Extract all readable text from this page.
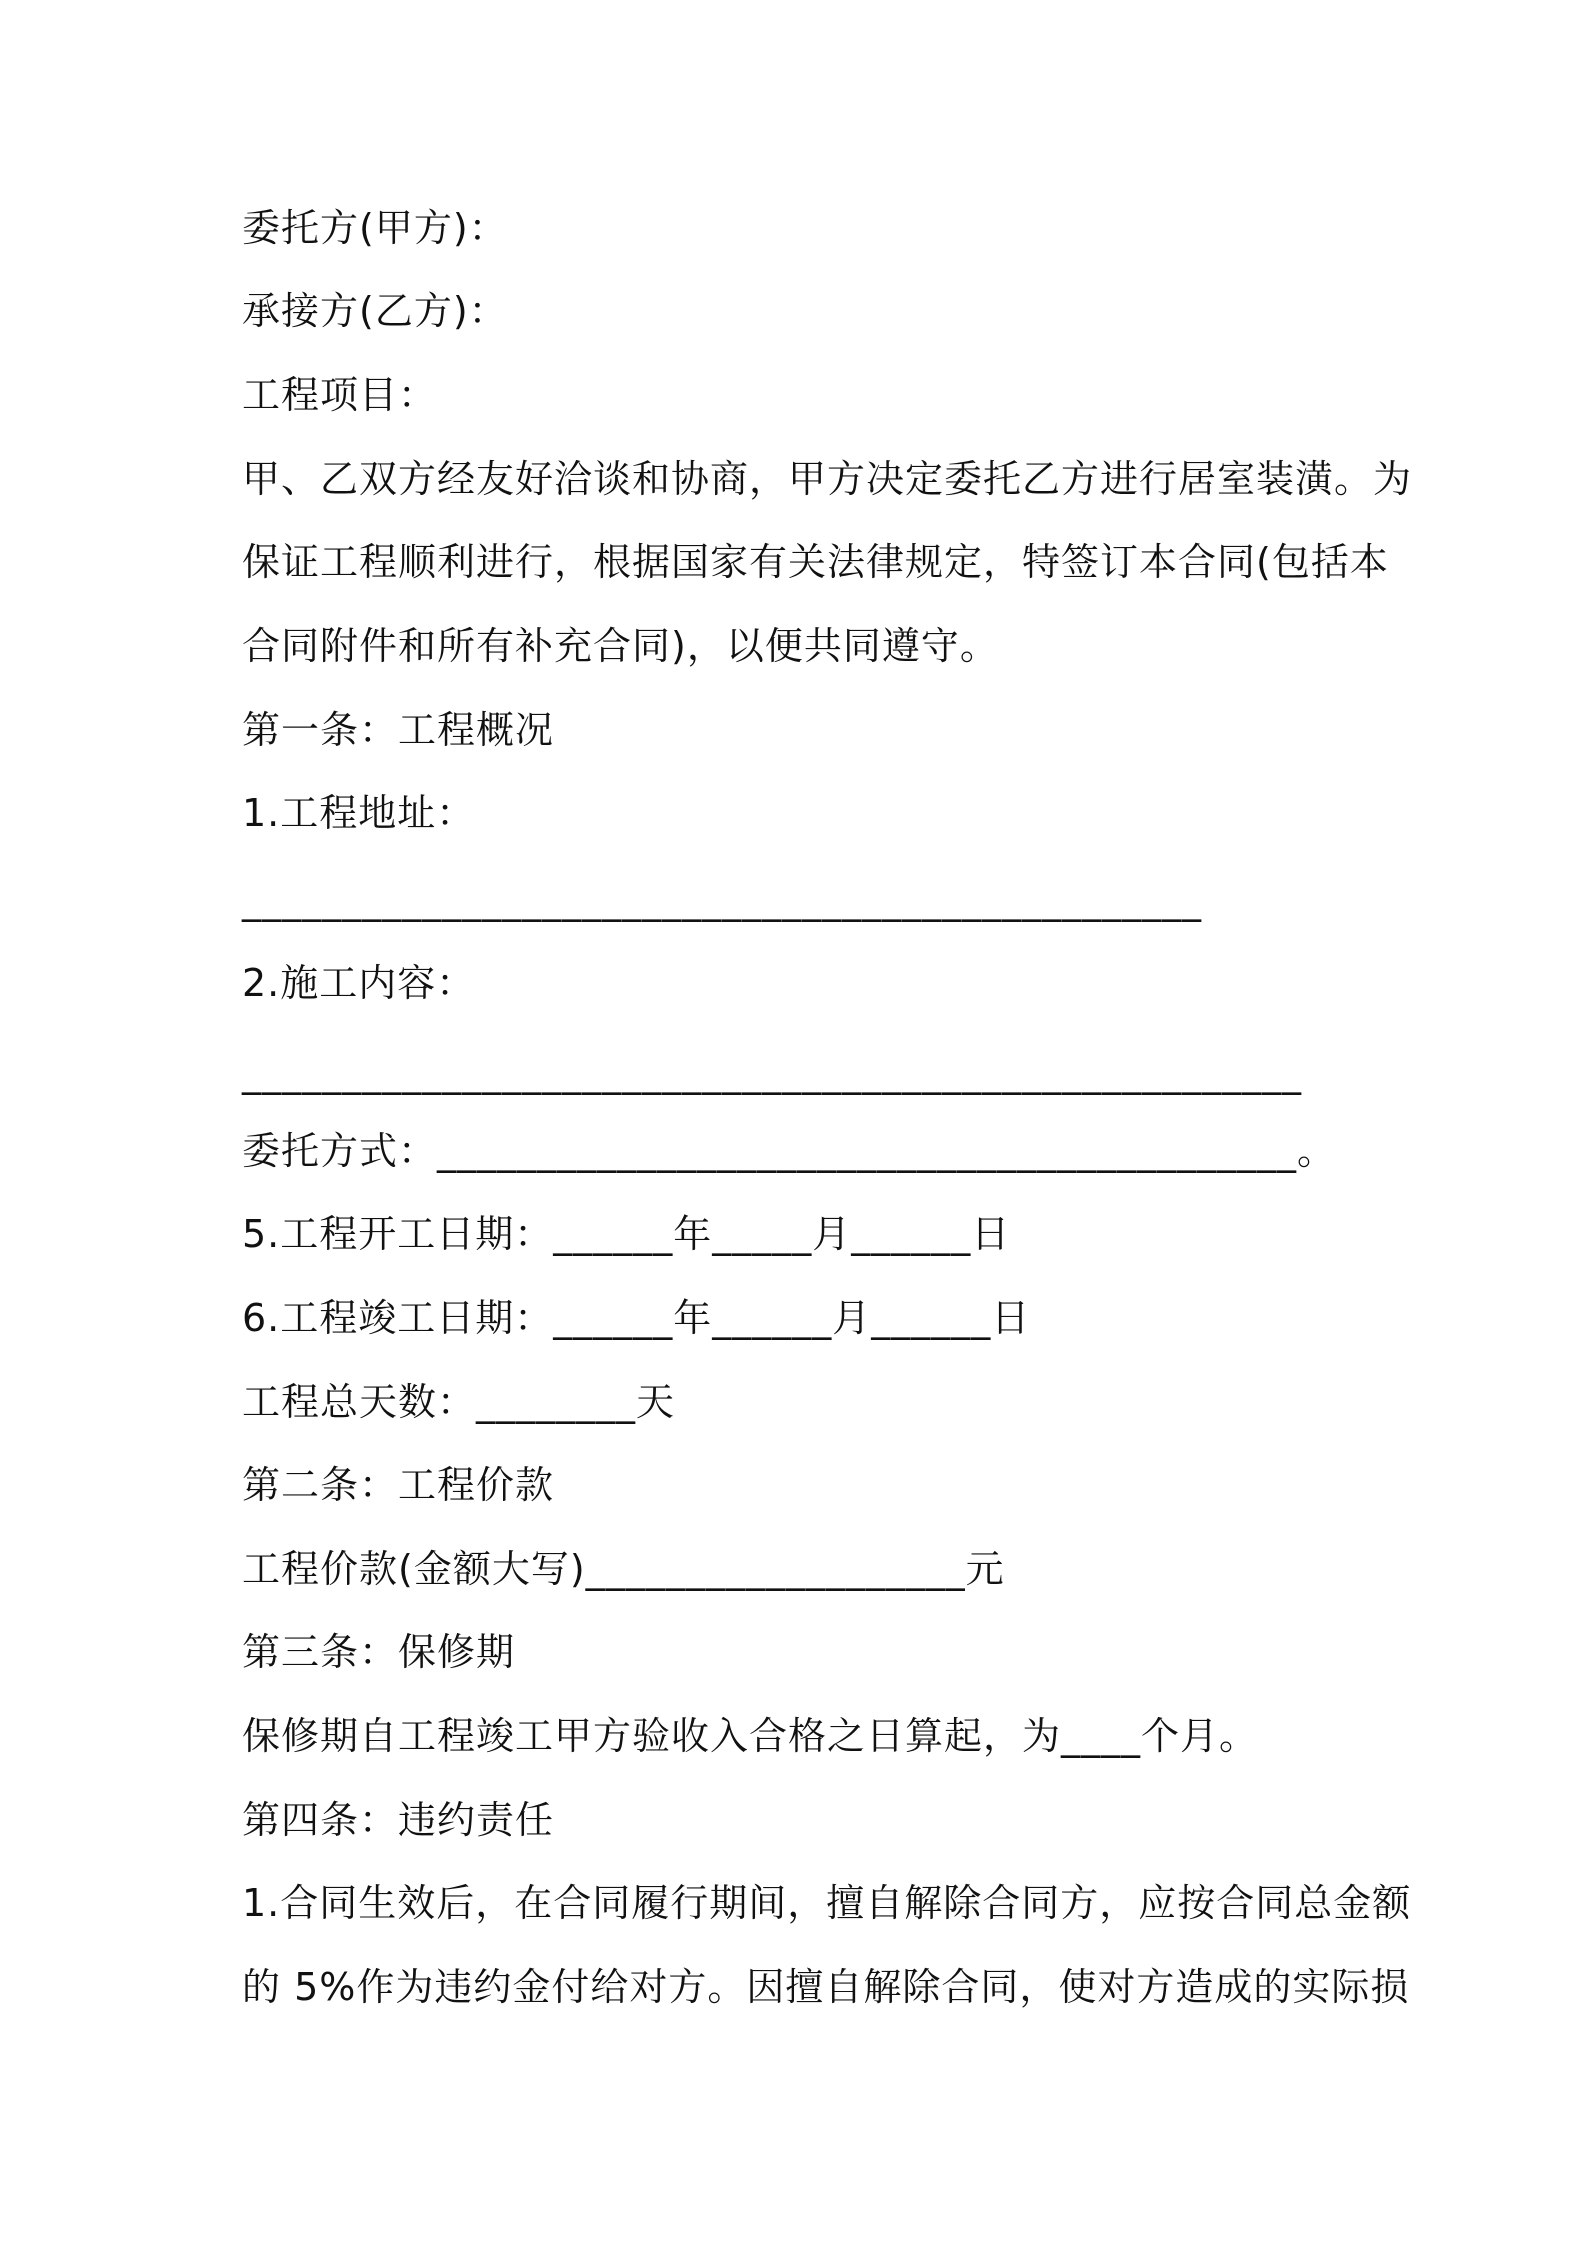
委托方(甲方)：
承接方(乙方)：
工程项目：
甲、乙双方经友好洽谈和协商，甲方决定委托乙方进行居室装潢。为
保证工程顺利进行，根据国家有关法律规定，特签订本合同(包括本
合同附件和所有补充合同)，以便共同遵守。
第一条：工程概况
1.工程地址：
________________________________________________
2.施工内容：
_____________________________________________________
委托方式：___________________________________________。
5.工程开工日期：______年_____月______日
6.工程竣工日期：______年______月______日
工程总天数：________天
第二条：工程价款
工程价款(金额大写)___________________元
第三条：保修期
保修期自工程竣工甲方验收入合格之日算起，为____个月。
第四条：违约责任
1.合同生效后，在合同履行期间，擅自解除合同方，应按合同总金额
的 5%作为违约金付给对方。因擅自解除合同，使对方造成的实际损
